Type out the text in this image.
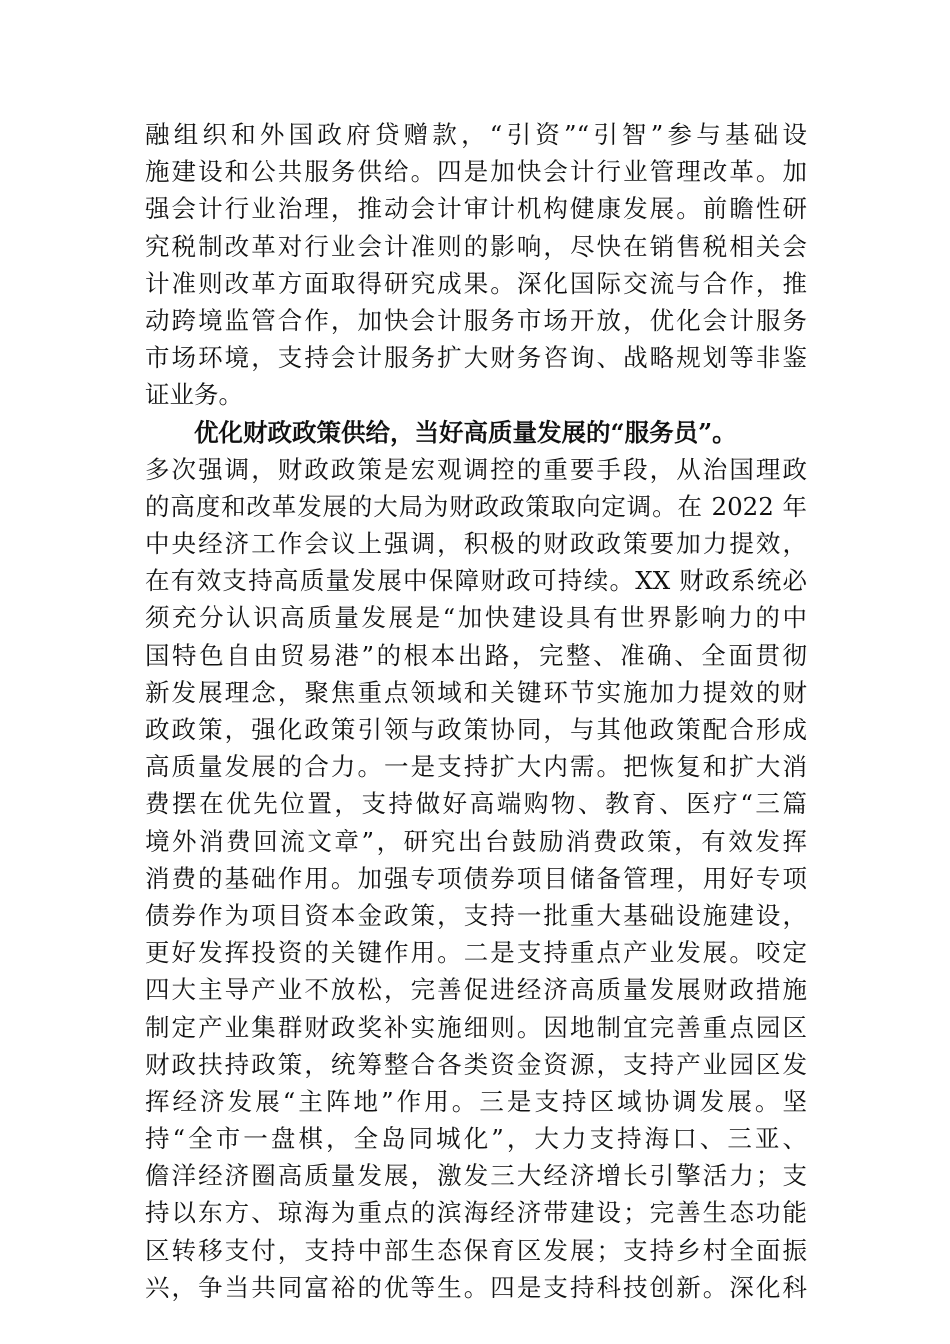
融组织和外国政府贷赠款，“引资”“引智”参与基础设
施建设和公共服务供给。四是加快会计行业管理改革。加
强会计行业治理，推动会计审计机构健康发展。前瞻性研
究税制改革对行业会计准则的影响，尽快在销售税相关会
计准则改革方面取得研究成果。深化国际交流与合作，推
动跨境监管合作，加快会计服务市场开放，优化会计服务
市场环境，支持会计服务扩大财务咨询、战略规划等非鉴
证业务。
优化财政政策供给，当好高质量发展的“服务员”。
多次强调，财政政策是宏观调控的重要手段，从治国理政
的高度和改革发展的大局为财政政策取向定调。在 2022 年
中央经济工作会议上强调，积极的财政政策要加力提效，
在有效支持高质量发展中保障财政可持续。XX 财政系统必
须充分认识高质量发展是“加快建设具有世界影响力的中
国特色自由贸易港”的根本出路，完整、准确、全面贯彻
新发展理念，聚焦重点领域和关键环节实施加力提效的财
政政策，强化政策引领与政策协同，与其他政策配合形成
高质量发展的合力。一是支持扩大内需。把恢复和扩大消
费摆在优先位置，支持做好高端购物、教育、医疗“三篇
境外消费回流文章”，研究出台鼓励消费政策，有效发挥
消费的基础作用。加强专项债券项目储备管理，用好专项
债券作为项目资本金政策，支持一批重大基础设施建设，
更好发挥投资的关键作用。二是支持重点产业发展。咬定
四大主导产业不放松，完善促进经济高质量发展财政措施
制定产业集群财政奖补实施细则。因地制宜完善重点园区
财政扶持政策，统筹整合各类资金资源，支持产业园区发
挥经济发展“主阵地”作用。三是支持区域协调发展。坚
持“全市一盘棋，全岛同城化”，大力支持海口、三亚、
儋洋经济圈高质量发展，激发三大经济增长引擎活力；支
持以东方、琼海为重点的滨海经济带建设；完善生态功能
区转移支付，支持中部生态保育区发展；支持乡村全面振
兴，争当共同富裕的优等生。四是支持科技创新。深化科
